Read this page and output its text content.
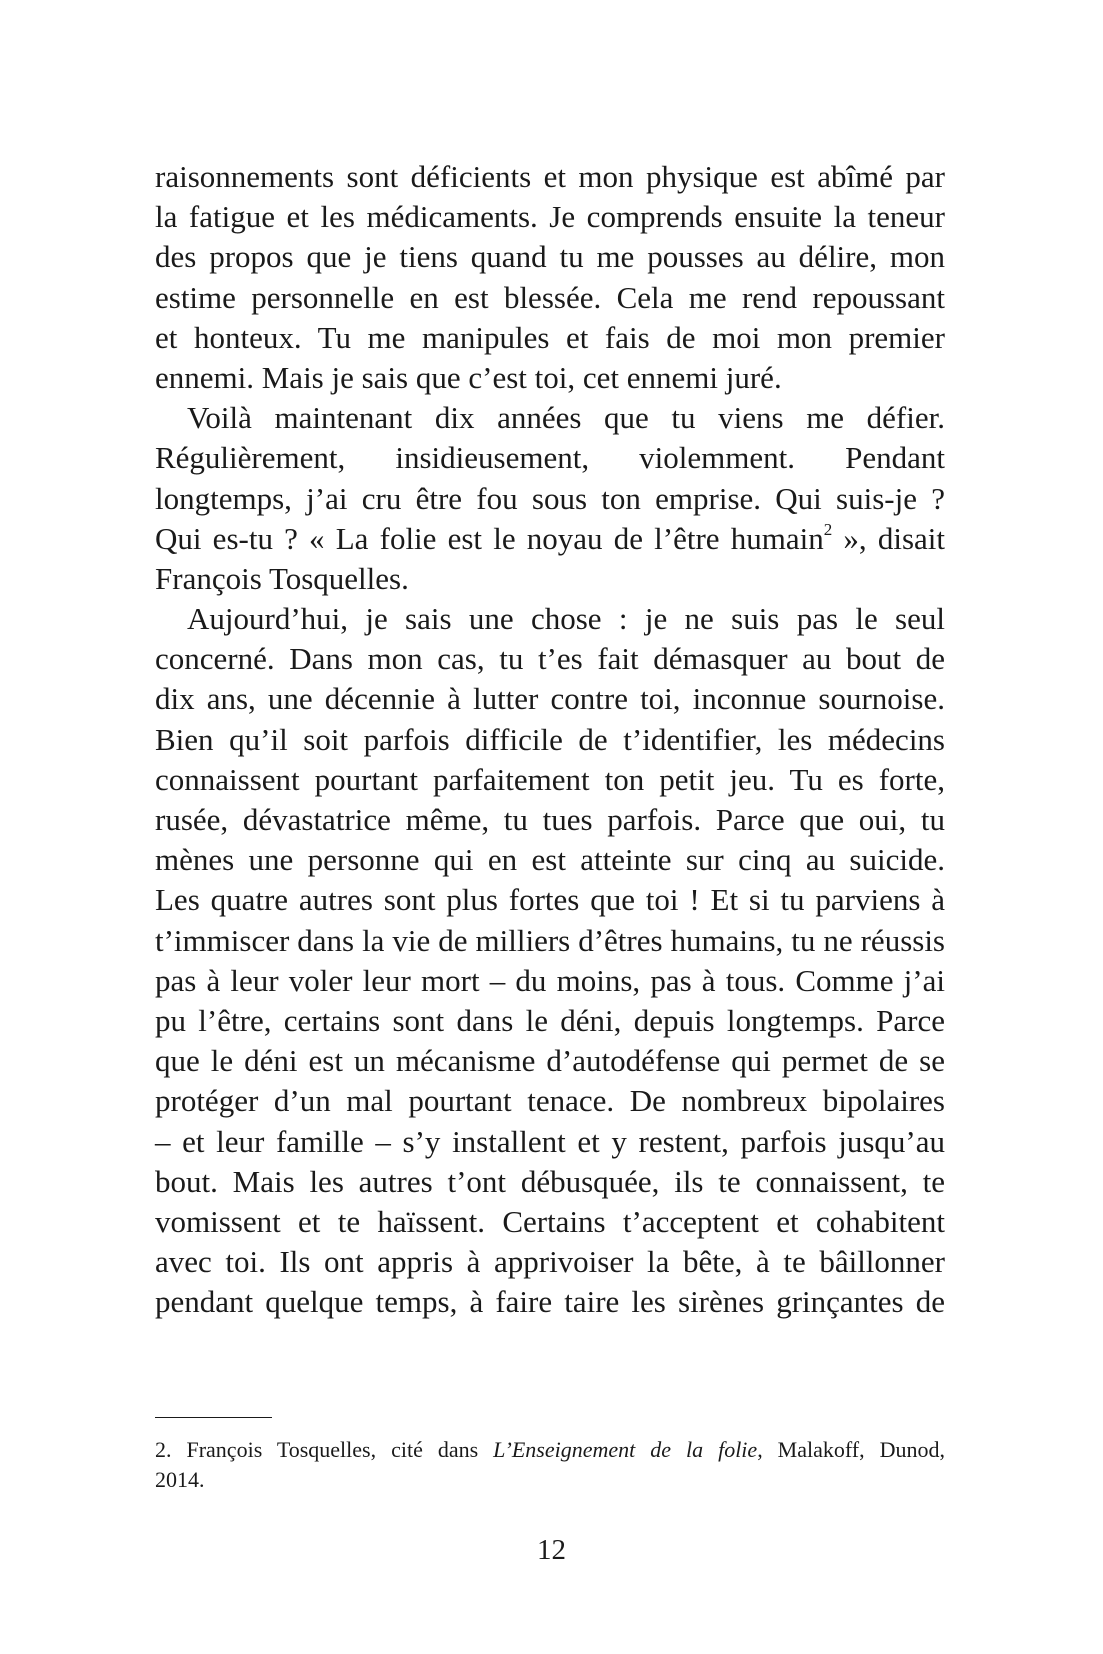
raisonnements sont déficients et mon physique est abîmé par
la fatigue et les médicaments. Je comprends ensuite la teneur
des propos que je tiens quand tu me pousses au délire, mon
estime personnelle en est blessée. Cela me rend repoussant
et honteux. Tu me manipules et fais de moi mon premier
ennemi. Mais je sais que c’est toi, cet ennemi juré.
Voilà maintenant dix années que tu viens me défier.
Régulièrement, insidieusement, violemment. Pendant
longtemps, j’ai cru être fou sous ton emprise. Qui suis-je ?
Qui es-tu ? « La folie est le noyau de l’être humain$^2$ », disait
François Tosquelles.
Aujourd’hui, je sais une chose : je ne suis pas le seul
concerné. Dans mon cas, tu t’es fait démasquer au bout de
dix ans, une décennie à lutter contre toi, inconnue sournoise.
Bien qu’il soit parfois difficile de t’identifier, les médecins
connaissent pourtant parfaitement ton petit jeu. Tu es forte,
rusée, dévastatrice même, tu tues parfois. Parce que oui, tu
mènes une personne qui en est atteinte sur cinq au suicide.
Les quatre autres sont plus fortes que toi ! Et si tu parviens à
t’immiscer dans la vie de milliers d’êtres humains, tu ne réussis
pas à leur voler leur mort – du moins, pas à tous. Comme j’ai
pu l’être, certains sont dans le déni, depuis longtemps. Parce
que le déni est un mécanisme d’autodéfense qui permet de se
protéger d’un mal pourtant tenace. De nombreux bipolaires
– et leur famille – s’y installent et y restent, parfois jusqu’au
bout. Mais les autres t’ont débusquée, ils te connaissent, te
vomissent et te haïssent. Certains t’acceptent et cohabitent
avec toi. Ils ont appris à apprivoiser la bête, à te bâillonner
pendant quelque temps, à faire taire les sirènes grinçantes de
2. François Tosquelles, cité dans L’Enseignement de la folie, Malakoff, Dunod,
2014.
12
